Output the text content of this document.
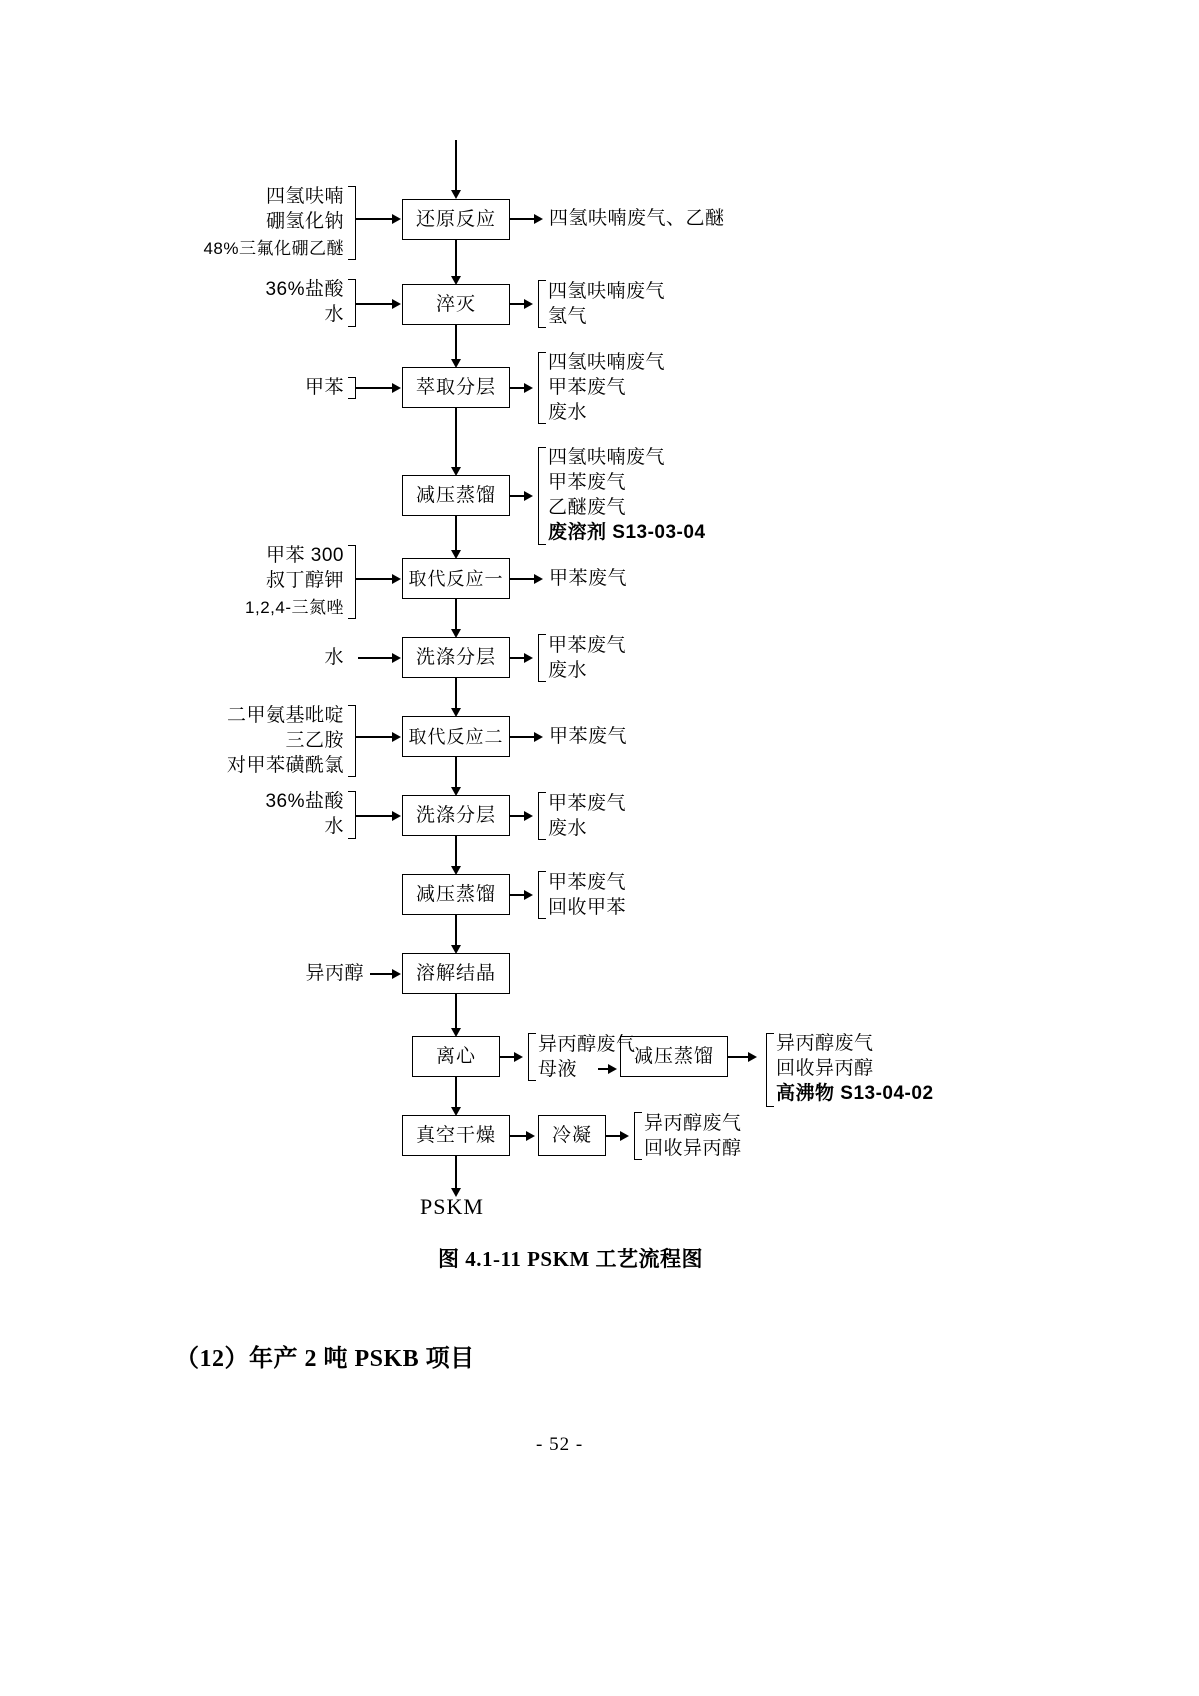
还原反应
淬灭
萃取分层
减压蒸馏
取代反应一
洗涤分层
取代反应二
洗涤分层
减压蒸馏
溶解结晶
离心
真空干燥
减压蒸馏
冷凝
四氢呋喃
硼氢化钠
48%三氟化硼乙醚
四氢呋喃废气、乙醚
36%盐酸
水
四氢呋喃废气
氢气
甲苯
四氢呋喃废气
甲苯废气
废水
四氢呋喃废气
甲苯废气
乙醚废气
废溶剂 S13-03-04
甲苯 300
叔丁醇钾
1,2,4-三氮唑
甲苯废气
水
甲苯废气
废水
二甲氨基吡啶
三乙胺
对甲苯磺酰氯
甲苯废气
36%盐酸
水
甲苯废气
废水
甲苯废气
回收甲苯
异丙醇
异丙醇废气
母液
异丙醇废气
回收异丙醇
高沸物 S13-04-02
异丙醇废气
回收异丙醇
PSKM
图 4.1-11 PSKM 工艺流程图
（12）年产 2 吨 PSKB 项目
- 52 -
